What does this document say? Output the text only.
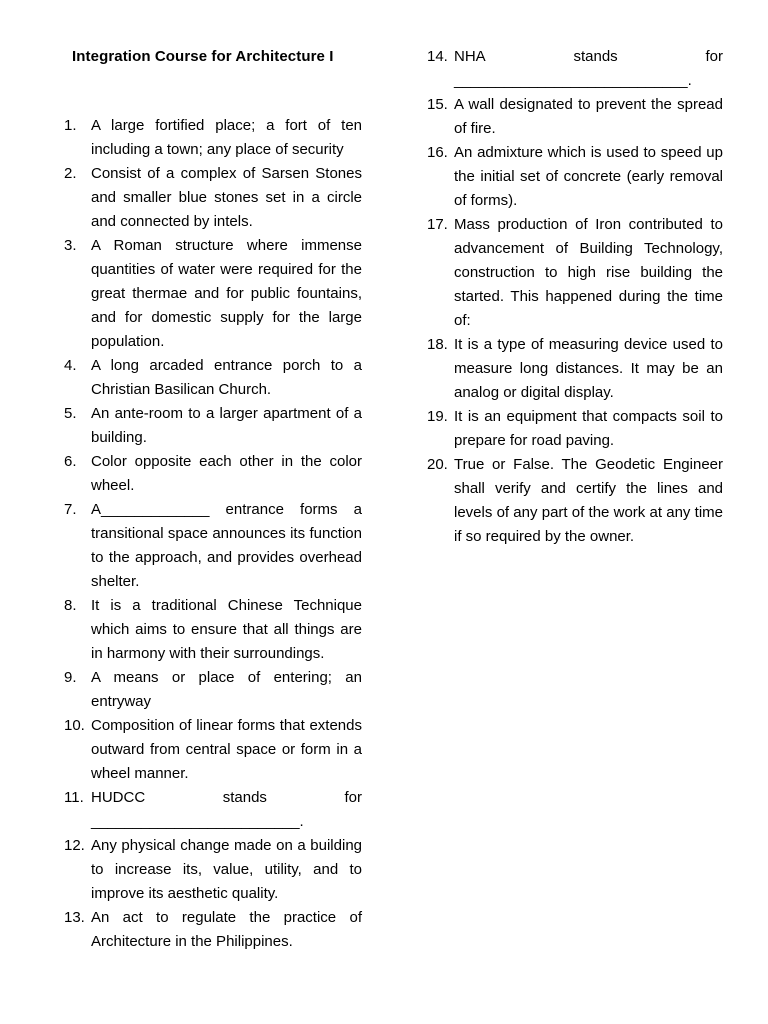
Integration Course for Architecture I
1. A large fortified place; a fort of ten including a town; any place of security
2. Consist of a complex of Sarsen Stones and smaller blue stones set in a circle and connected by intels.
3. A Roman structure where immense quantities of water were required for the great thermae and for public fountains, and for domestic supply for the large population.
4. A long arcaded entrance porch to a Christian Basilican Church.
5. An ante-room to a larger apartment of a building.
6. Color opposite each other in the color wheel.
7. A_____________ entrance forms a transitional space announces its function to the approach, and provides overhead shelter.
8. It is a traditional Chinese Technique which aims to ensure that all things are in harmony with their surroundings.
9. A means or place of entering; an entryway
10. Composition of linear forms that extends outward from central space or form in a wheel manner.
11. HUDCC	stands	for
_________________________.
12. Any physical change made on a building to increase its, value, utility, and to improve its aesthetic quality.
13. An act to regulate the practice of Architecture in the Philippines.
14. NHA	stands	for
____________________________.
15. A wall designated to prevent the spread of fire.
16. An admixture which is used to speed up the initial set of concrete (early removal of forms).
17. Mass production of Iron contributed to advancement of Building Technology, construction to high rise building the started. This happened during the time of:
18. It is a type of measuring device used to measure long distances. It may be an analog or digital display.
19. It is an equipment that compacts soil to prepare for road paving.
20. True or False. The Geodetic Engineer shall verify and certify the lines and levels of any part of the work at any time if so required by the owner.
